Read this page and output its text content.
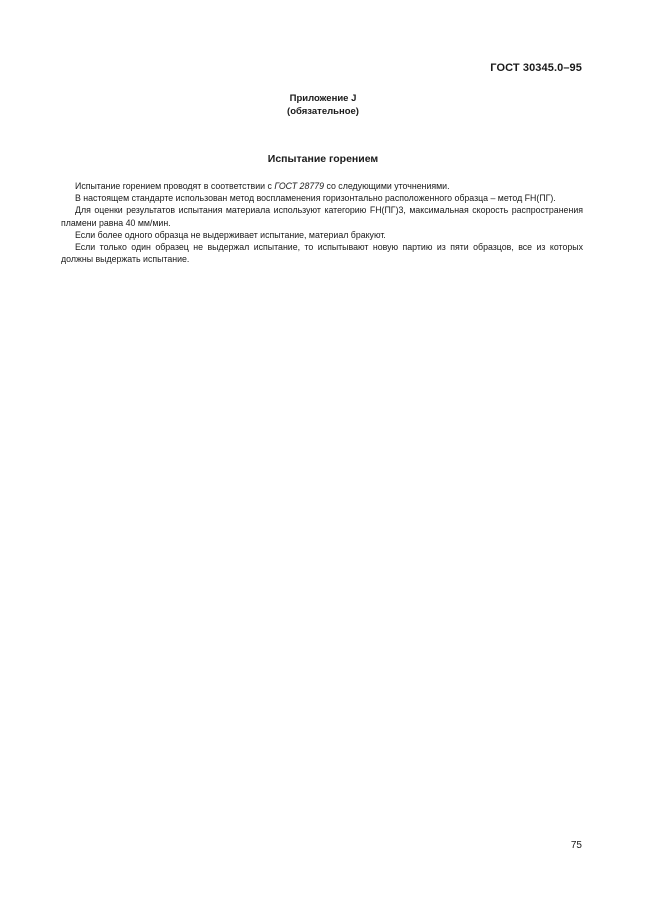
ГОСТ 30345.0–95
Приложение J
(обязательное)
Испытание горением

Испытание горением проводят в соответствии с ГОСТ 28779 со следующими уточнениями.

В настоящем стандарте использован метод воспламенения горизонтально расположенного образца – метод FH(ПГ).

Для оценки результатов испытания материала используют категорию FH(ПГ)3, максимальная скорость распространения пламени равна 40 мм/мин.

Если более одного образца не выдерживает испытание, материал бракуют.

Если только один образец не выдержал испытание, то испытывают новую партию из пяти образцов, все из которых должны выдержать испытание.

75
